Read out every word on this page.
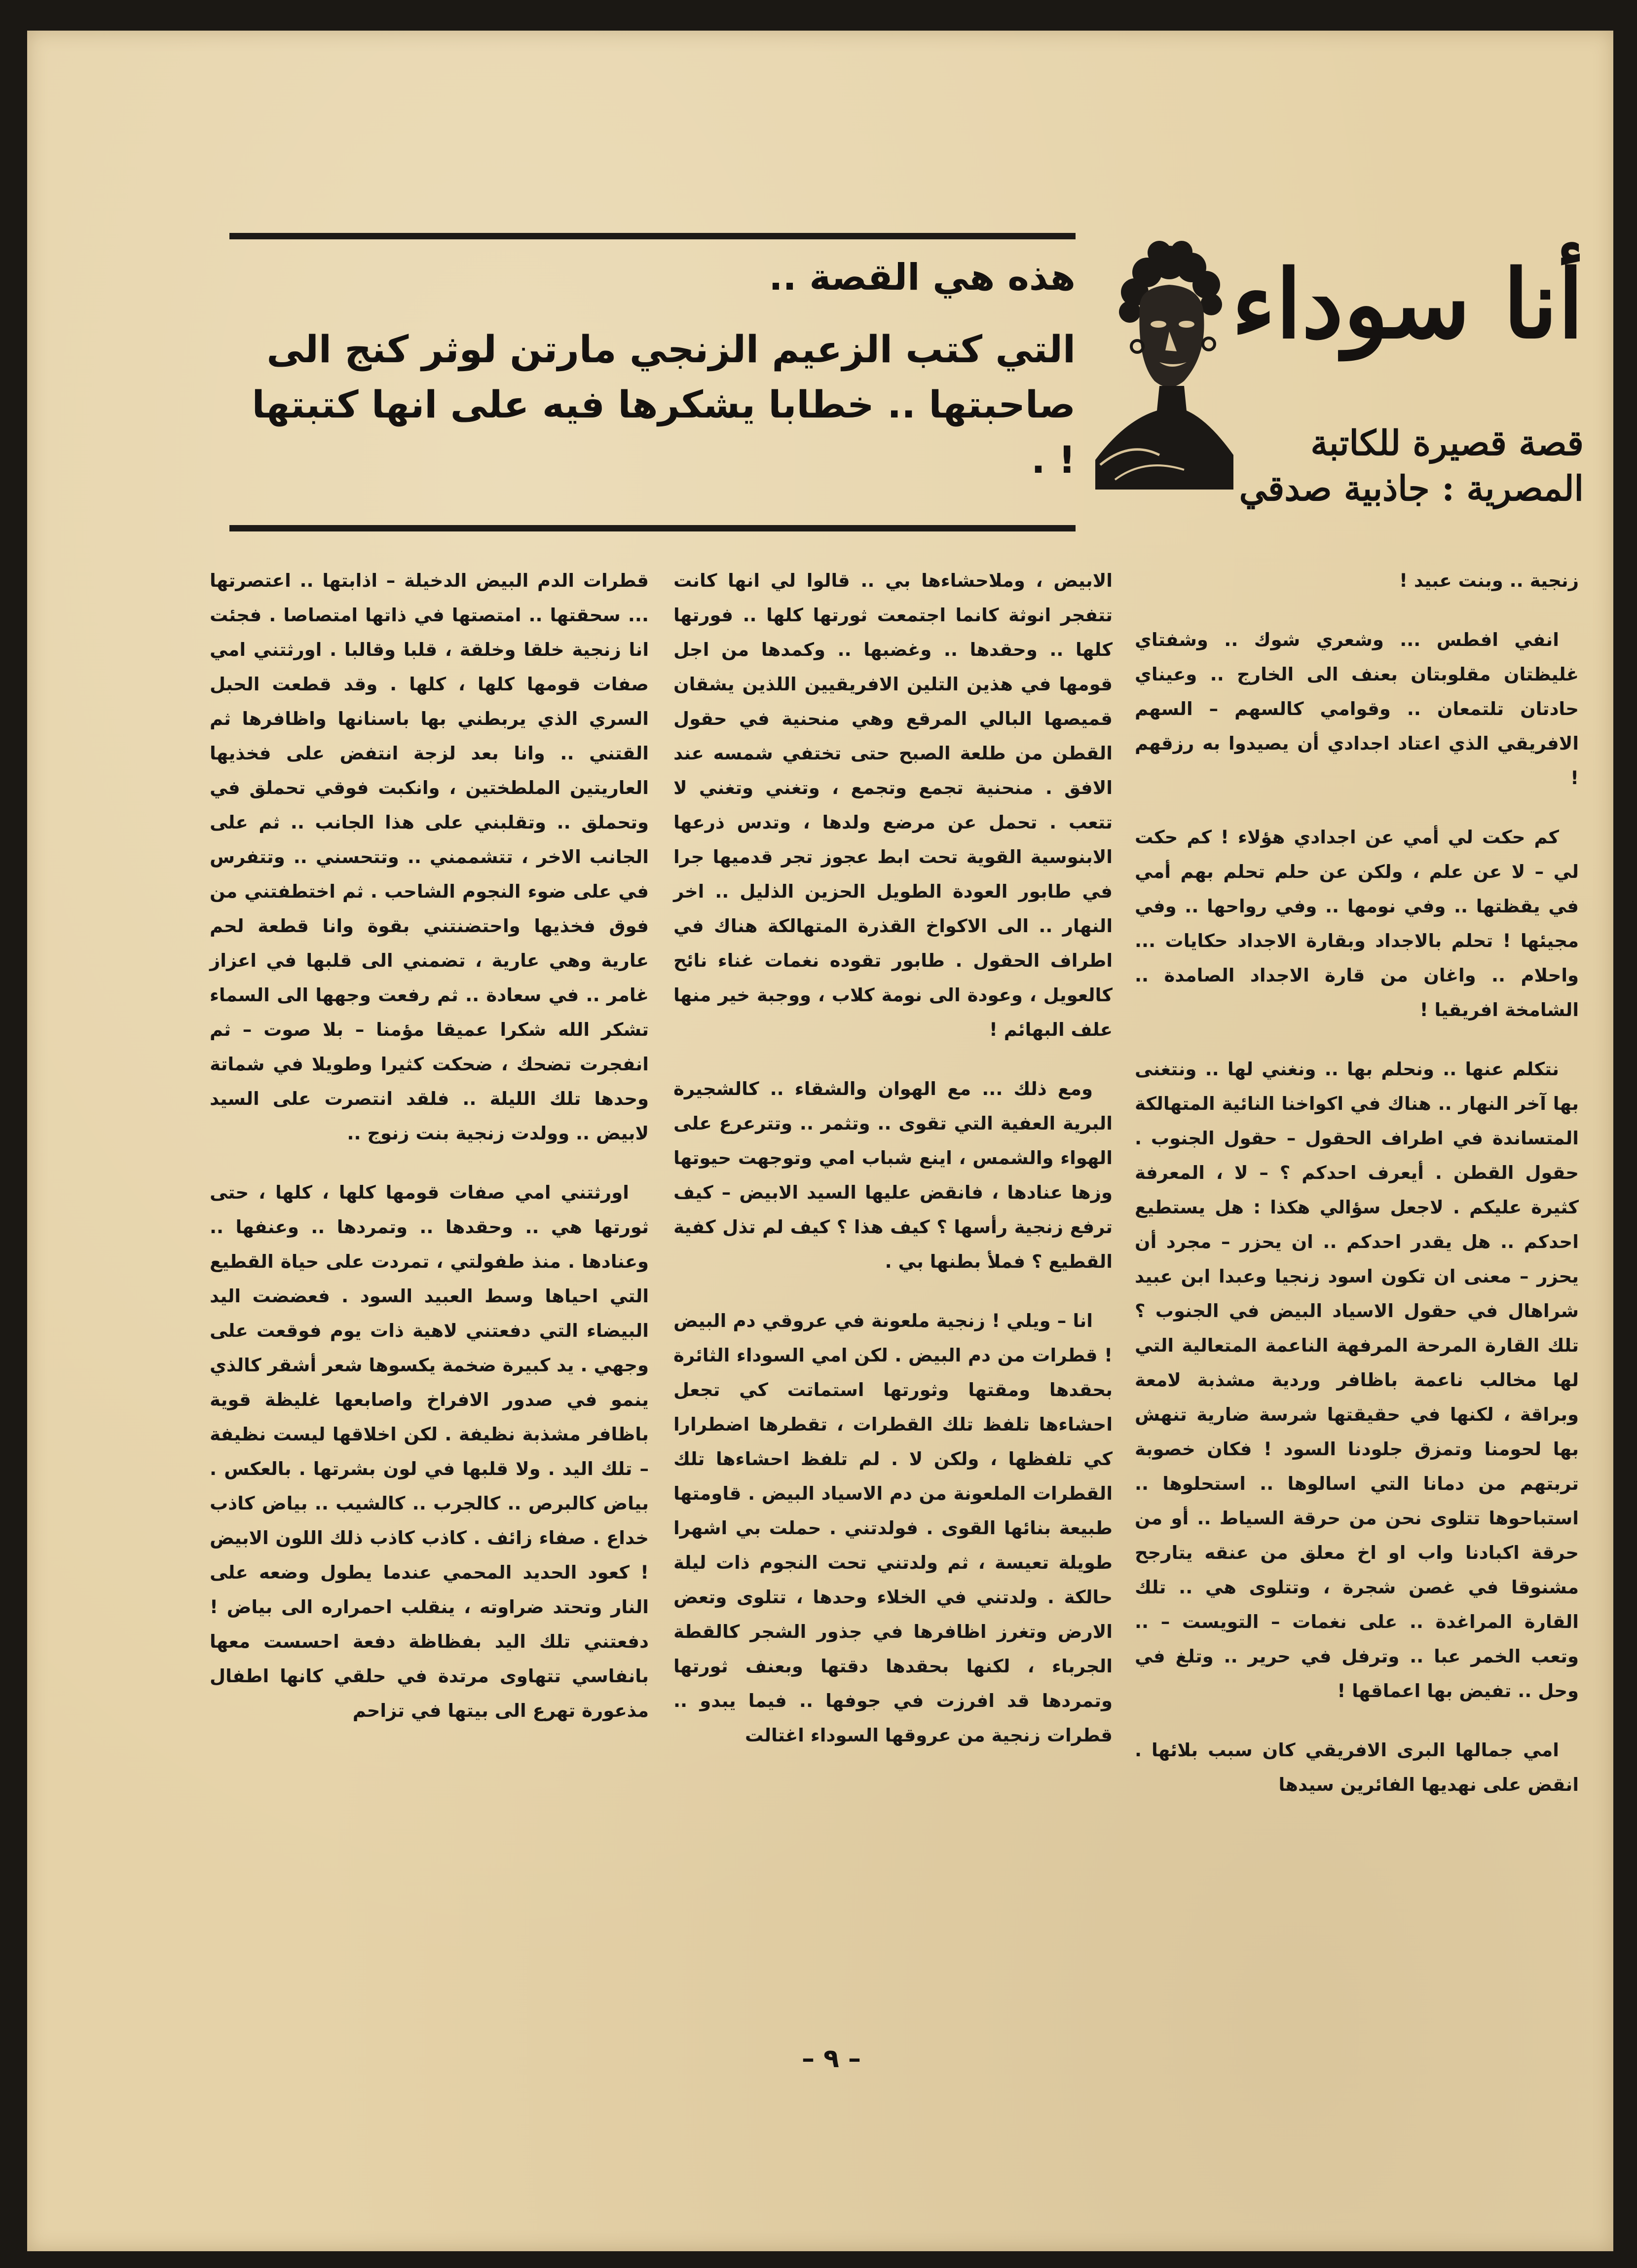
هذه هي القصة ..

التي كتب الزعيم الزنجي مارتن لوثر كنج الى صاحبتها .. خطابا يشكرها فيه على انها كتبتها ! .

أنا سوداء
قصة قصيرة للكاتبة المصرية : جاذبية صدقي

زنجية .. وبنت عبيد !

انفي افطس ... وشعري شوك .. وشفتاي غليظتان مقلوبتان بعنف الى الخارج .. وعيناي حادتان تلتمعان .. وقوامي كالسهم – السهم الافريقي الذي اعتاد اجدادي أن يصيدوا به رزقهم !

كم حكت لي أمي عن اجدادي هؤلاء ! كم حكت لي – لا عن علم ، ولكن عن حلم تحلم بهم أمي في يقظتها .. وفي نومها .. وفي رواحها .. وفي مجيئها ! تحلم بالاجداد وبقارة الاجداد حكايات ... واحلام .. واغان من قارة الاجداد الصامدة .. الشامخة افريقيا !

نتكلم عنها .. ونحلم بها .. ونغني لها .. ونتغنى بها آخر النهار .. هناك في اكواخنا النائية المتهالكة المتساندة في اطراف الحقول – حقول الجنوب . حقول القطن . أيعرف احدكم ؟ – لا ، المعرفة كثيرة عليكم . لاجعل سؤالي هكذا : هل يستطيع احدكم .. هل يقدر احدكم .. ان يحزر – مجرد أن يحزر – معنى ان تكون اسود زنجيا وعبدا ابن عبيد شراهال في حقول الاسياد البيض في الجنوب ؟ تلك القارة المرحة المرفهة الناعمة المتعالية التي لها مخالب ناعمة باظافر وردية مشذبة لامعة وبراقة ، لكنها في حقيقتها شرسة ضارية تنهش بها لحومنا وتمزق جلودنا السود ! فكان خصوبة تربتهم من دمانا التي اسالوها .. استحلوها .. استباحوها تتلوى نحن من حرقة السياط .. أو من حرقة اكبادنا واب او اخ معلق من عنقه يتارجح مشنوقا في غصن شجرة ، وتتلوى هي .. تلك القارة المراغدة .. على نغمات – التويست – .. وتعب الخمر عبا .. وترفل في حرير .. وتلغ في وحل .. تفيض بها اعماقها !

امي جمالها البرى الافريقي كان سبب بلائها . انقض على نهديها الفائرين سيدها

الابيض ، وملاحشاءها بي .. قالوا لي انها كانت تتفجر انوثة كانما اجتمعت ثورتها كلها .. فورتها كلها .. وحقدها .. وغضبها .. وكمدها من اجل قومها في هذين التلين الافريقيين اللذين يشقان قميصها البالي المرقع وهي منحنية في حقول القطن من طلعة الصبح حتى تختفي شمسه عند الافق . منحنية تجمع وتجمع ، وتغني وتغني لا تتعب . تحمل عن مرضع ولدها ، وتدس ذرعها الابنوسية القوية تحت ابط عجوز تجر قدميها جرا في طابور العودة الطويل الحزين الذليل .. اخر النهار .. الى الاكواخ القذرة المتهالكة هناك في اطراف الحقول . طابور تقوده نغمات غناء نائح كالعويل ، وعودة الى نومة كلاب ، ووجبة خير منها علف البهائم !

ومع ذلك ... مع الهوان والشقاء .. كالشجيرة البرية العفية التي تقوى .. وتثمر .. وتترعرع على الهواء والشمس ، اينع شباب امي وتوجهت حيوتها وزها عنادها ، فانقض عليها السيد الابيض – كيف ترفع زنجية رأسها ؟ كيف هذا ؟ كيف لم تذل كفية القطيع ؟ فملأ بطنها بي .

انا – ويلي ! زنجية ملعونة في عروقي دم البيض ! قطرات من دم البيض . لكن امي السوداء الثائرة بحقدها ومقتها وثورتها استماتت كي تجعل احشاءها تلفظ تلك القطرات ، تقطرها اضطرارا كي تلفظها ، ولكن لا . لم تلفظ احشاءها تلك القطرات الملعونة من دم الاسياد البيض . قاومتها طبيعة بنائها القوى . فولدتني . حملت بي اشهرا طويلة تعيسة ، ثم ولدتني تحت النجوم ذات ليلة حالكة . ولدتني في الخلاء وحدها ، تتلوى وتعض الارض وتغرز اظافرها في جذور الشجر كالقطة الجرباء ، لكنها بحقدها دقتها وبعنف ثورتها وتمردها قد افرزت في جوفها .. فيما يبدو .. قطرات زنجية من عروقها السوداء اغتالت

قطرات الدم البيض الدخيلة – اذابتها .. اعتصرتها ... سحقتها .. امتصتها في ذاتها امتصاصا . فجئت انا زنجية خلقا وخلقة ، قلبا وقالبا . اورثتني امي صفات قومها كلها ، كلها . وقد قطعت الحبل السري الذي يربطني بها باسنانها واظافرها ثم القتني .. وانا بعد لزجة انتفض على فخذيها العاريتين الملطختين ، وانكبت فوقي تحملق في وتحملق .. وتقلبني على هذا الجانب .. ثم على الجانب الاخر ، تتشممني .. وتتحسني .. وتتفرس في على ضوء النجوم الشاحب . ثم اختطفتني من فوق فخذيها واحتضنتني بقوة وانا قطعة لحم عارية وهي عارية ، تضمني الى قلبها في اعزاز غامر .. في سعادة .. ثم رفعت وجهها الى السماء تشكر الله شكرا عميقا مؤمنا – بلا صوت – ثم انفجرت تضحك ، ضحكت كثيرا وطويلا في شماتة وحدها تلك الليلة .. فلقد انتصرت على السيد لابيض .. وولدت زنجية بنت زنوج ..

اورثتني امي صفات قومها كلها ، كلها ، حتى ثورتها هي .. وحقدها .. وتمردها .. وعنفها .. وعنادها . منذ طفولتي ، تمردت على حياة القطيع التي احياها وسط العبيد السود . فعضضت اليد البيضاء التي دفعتني لاهية ذات يوم فوقعت على وجهي . يد كبيرة ضخمة يكسوها شعر أشقر كالذي ينمو في صدور الافراخ واصابعها غليظة قوية باظافر مشذبة نظيفة . لكن اخلاقها ليست نظيفة – تلك اليد . ولا قلبها في لون بشرتها . بالعكس . بياض كالبرص .. كالجرب .. كالشيب .. بياض كاذب خداع . صفاء زائف . كاذب كاذب ذلك اللون الابيض ! كعود الحديد المحمي عندما يطول وضعه على النار وتحتد ضراوته ، ينقلب احمراره الى بياض ! دفعتني تلك اليد بفظاظة دفعة احسست معها بانفاسي تتهاوى مرتدة في حلقي كانها اطفال مذعورة تهرع الى بيتها في تزاحم

– ٩ –
